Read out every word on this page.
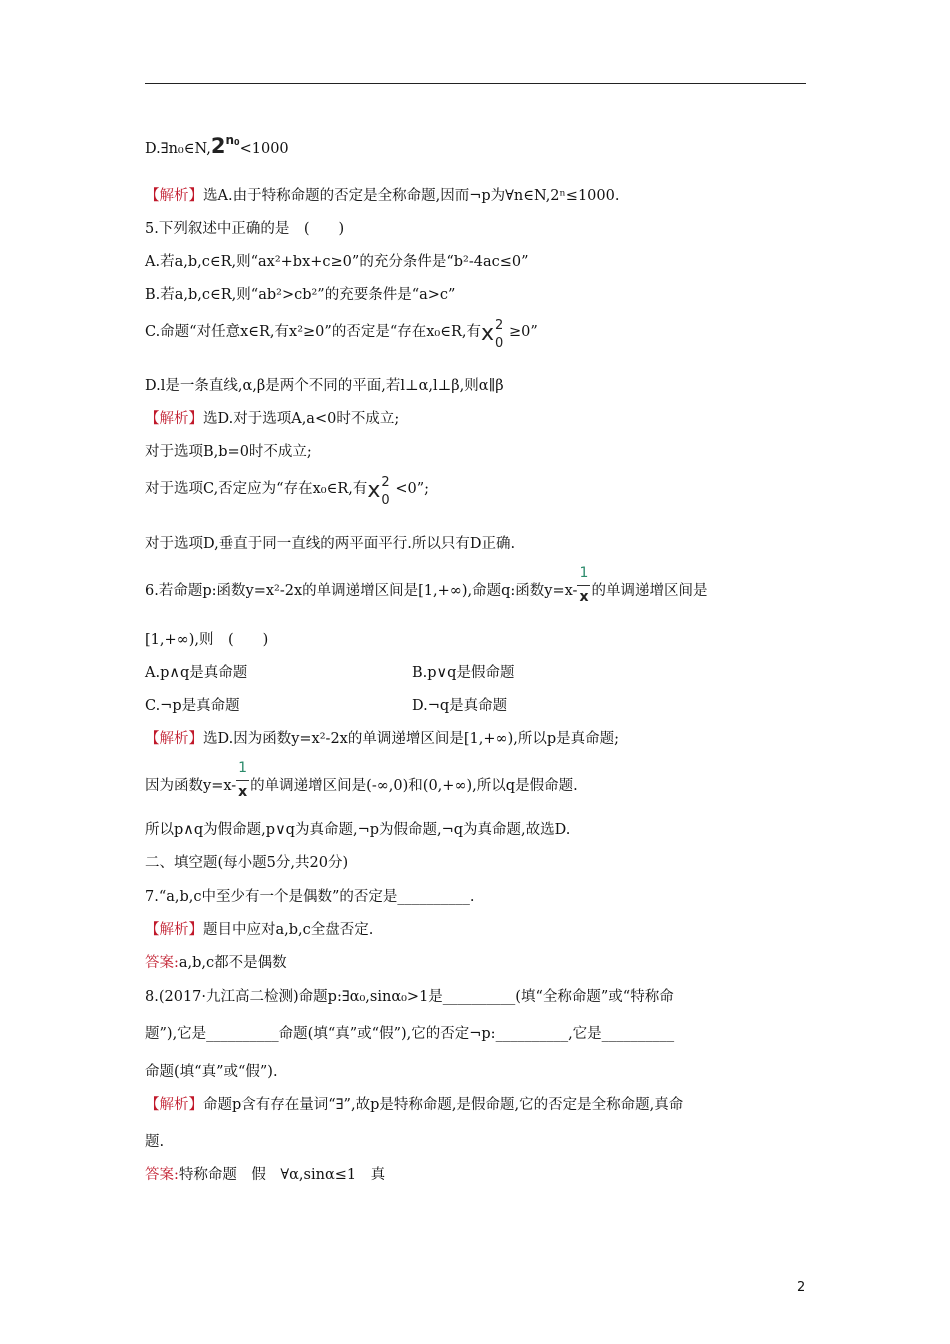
$D.\exists n_0\in N,2^{n0}<1000$
【解析】选A.由于特称命题的否定是全称命题,因而¬p为∀n∈N,2ⁿ≤1000.
5.下列叙述中正确的是　(　　)
A.若a,b,c∈R,则“ax²+bx+c≥0”的充分条件是“b²-4ac≤0”
B.若a,b,c∈R,则“ab²>cb²”的充要条件是“a>c”
C.命题“对任意x∈R,有x²≥0”的否定是“存在x₀∈R,有 x 2
0
≥0”
D.l是一条直线,α,β是两个不同的平面,若l⊥α,l⊥β,则α∥β
【解析】选D.对于选项A,a<0时不成立;
对于选项B,b=0时不成立;
对于选项C,否定应为“存在x₀∈R,有 x 2
0
<0”;
对于选项D,垂直于同一直线的两平面平行.所以只有D正确.
6.若命题p:函数y=x²-2x的单调递增区间是[1,+∞),命题q:函数$y=x- \frac{1}{x}$ 的单调递增区间是
[1,+∞),则　(　　)
A.p∧q是真命题	B.p∨q是假命题
C.¬p是真命题	D.¬q是真命题
【解析】选D.因为函数y=x²-2x的单调递增区间是[1,+∞),所以p是真命题;
因为函数$y=x- \frac{1}{x}$ 的单调递增区间是(-∞,0)和(0,+∞),所以q是假命题.
所以p∧q为假命题,p∨q为真命题,¬p为假命题,¬q为真命题,故选D.
二、填空题(每小题5分,共20分)
7.“a,b,c中至少有一个是偶数”的否定是__________.
【解析】题目中应对a,b,c全盘否定.
答案:a,b,c都不是偶数
8.(2017·九江高二检测)命题p:∃α₀,sinα₀>1是__________(填“全称命题”或“特称命
题”),它是__________命题(填“真”或“假”),它的否定¬p:__________,它是__________
命题(填“真”或“假”).
【解析】命题p含有存在量词“∃”,故p是特称命题,是假命题,它的否定是全称命题,真命
题.
答案:特称命题　假　∀α,sinα≤1　真
2
